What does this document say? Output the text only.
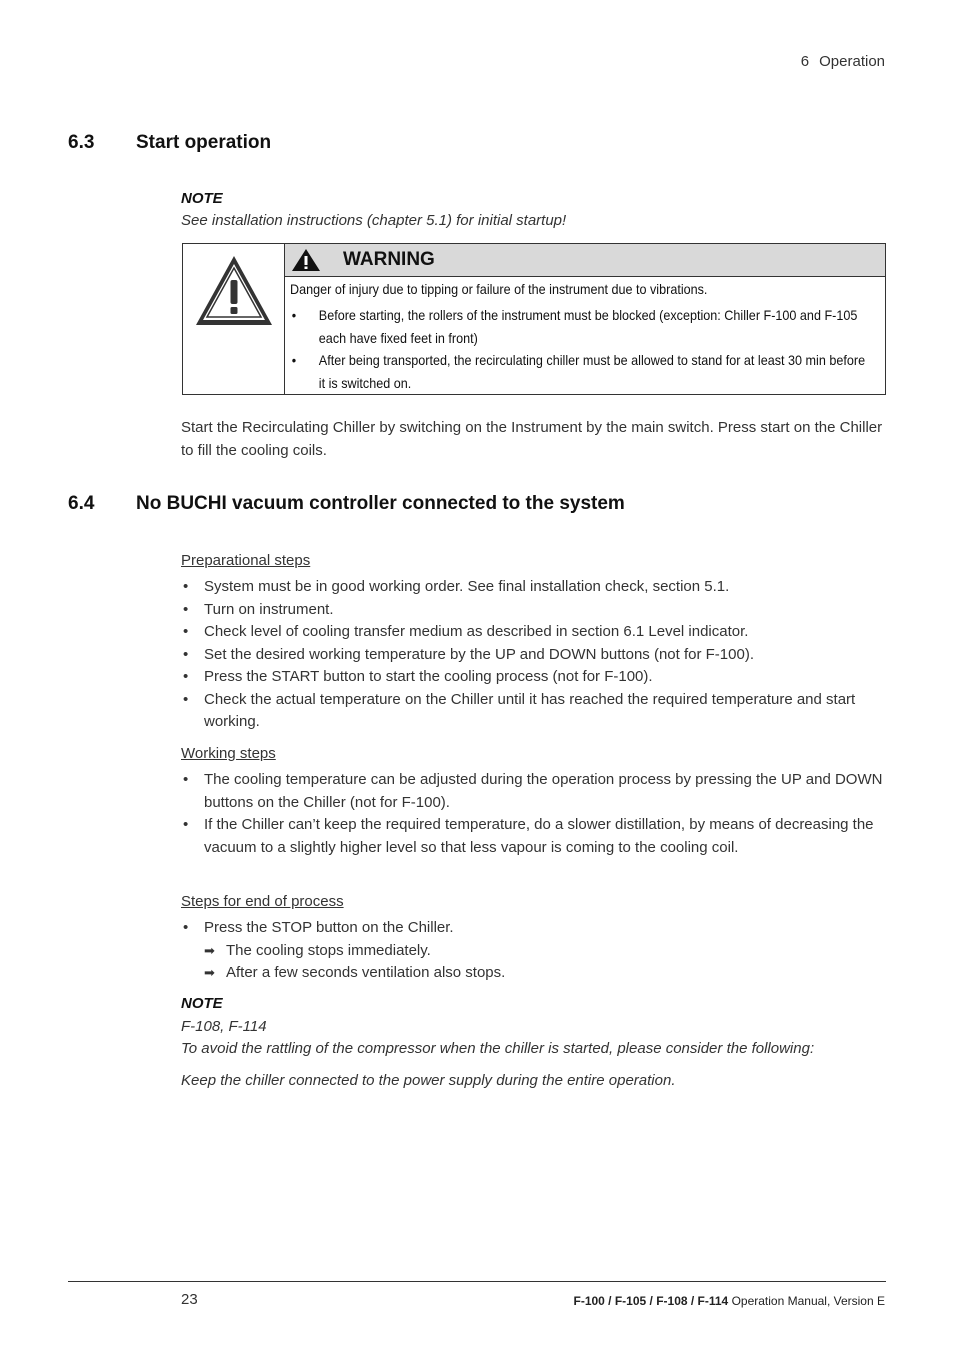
6 Operation
6.3 Start operation
NOTE
See installation instructions (chapter 5.1) for initial startup!
WARNING
Danger of injury due to tipping or failure of the instrument due to vibrations.
• Before starting, the rollers of the instrument must be blocked (exception: Chiller F-100 and F-105 each have fixed feet in front)
• After being transported, the recirculating chiller must be allowed to stand for at least 30 min before it is switched on.
Start the Recirculating Chiller by switching on the Instrument by the main switch. Press start on the Chiller to fill the cooling coils.
6.4 No BUCHI vacuum controller connected to the system
Preparational steps
• System must be in good working order. See final installation check, section 5.1.
• Turn on instrument.
• Check level of cooling transfer medium as described in section 6.1 Level indicator.
• Set the desired working temperature by the UP and DOWN buttons (not for F-100).
• Press the START button to start the cooling process (not for F-100).
• Check the actual temperature on the Chiller until it has reached the required temperature and start working.
Working steps
• The cooling temperature can be adjusted during the operation process by pressing the UP and DOWN buttons on the Chiller (not for F-100).
• If the Chiller can’t keep the required temperature, do a slower distillation, by means of decreasing the vacuum to a slightly higher level so that less vapour is coming to the cooling coil.
Steps for end of process
• Press the STOP button on the Chiller.
➡ The cooling stops immediately.
➡ After a few seconds ventilation also stops.
NOTE
F-108, F-114
To avoid the rattling of the compressor when the chiller is started, please consider the following:
Keep the chiller connected to the power supply during the entire operation.
23	F-100 / F-105 / F-108 / F-114 Operation Manual, Version E
